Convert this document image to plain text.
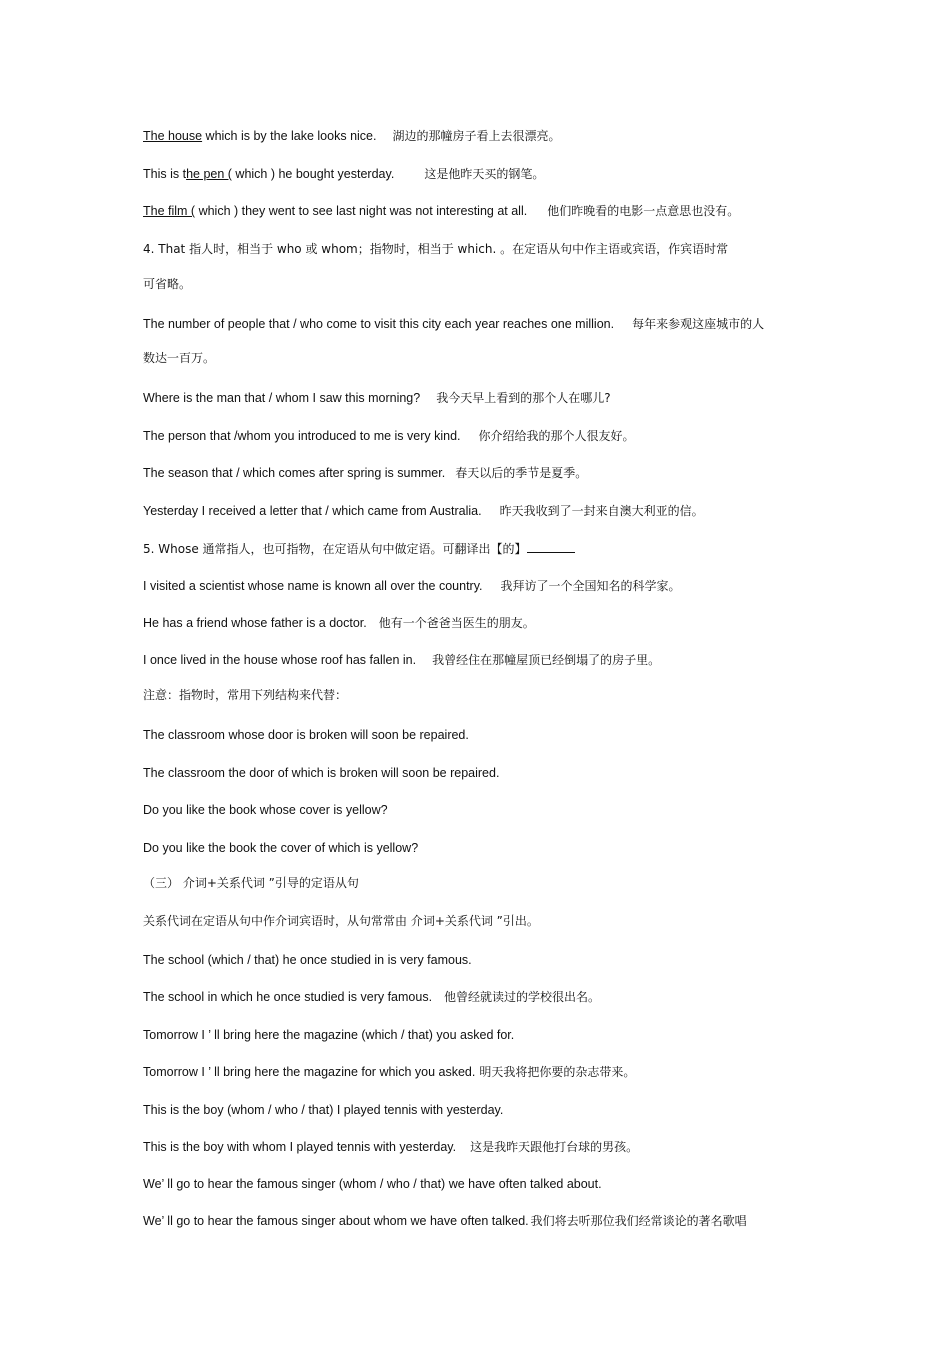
The house which is by the lake looks nice. 湖边的那幢房子看上去很漂亮。
This is the pen ( which ) he bought yesterday.	这是他昨天买的钢笔。
The film ( which ) they went to see last night was not interesting at all. 他们昨晚看的电影一点意思也没有。
4. That 指人时，相当于 who 或 whom；指物时，相当于 which. 。在定语从句中作主语或宾语，作宾语时常
可省略。
The number of people that / who come to visit this city each year reaches one million. 每年来参观这座城市的人
数达一百万。
Where is the man that / whom I saw this morning? 我今天早上看到的那个人在哪儿?
The person that /whom you introduced to me is very kind. 你介绍给我的那个人很友好。
The season that / which comes after spring is summer. 春天以后的季节是夏季。
Yesterday I received a letter that / which came from Australia. 昨天我收到了一封来自澳大利亚的信。
5. Whose 通常指人，也可指物，在定语从句中做定语。可翻译出【的】
I visited a scientist whose name is known all over the country. 我拜访了一个全国知名的科学家。
He has a friend whose father is a doctor. 他有一个爸爸当医生的朋友。
I once lived in the house whose roof has fallen in. 我曾经住在那幢屋顶已经倒塌了的房子里。
注意：指物时，常用下列结构来代替：
The classroom whose door is broken will soon be repaired.
The classroom the door of which is broken will soon be repaired.
Do you like the book whose cover is yellow?
Do you like the book the cover of which is yellow?
（三） 介词+关系代词 ”引导的定语从句
关系代词在定语从句中作介词宾语时，从句常常由 介词+关系代词 ”引出。
The school (which / that) he once studied in is very famous.
The school in which he once studied is very famous. 他曾经就读过的学校很出名。
Tomorrow I ’ ll bring here the magazine (which / that) you asked for.
Tomorrow I ’ ll bring here the magazine for which you asked. 明天我将把你要的杂志带来。
This is the boy (whom / who / that) I played tennis with yesterday.
This is the boy with whom I played tennis with yesterday. 这是我昨天跟他打台球的男孩。
We’ ll go to hear the famous singer (whom / who / that) we have often talked about.
We’ ll go to hear the famous singer about whom we have often talked. 我们将去听那位我们经常谈论的著名歌唱
